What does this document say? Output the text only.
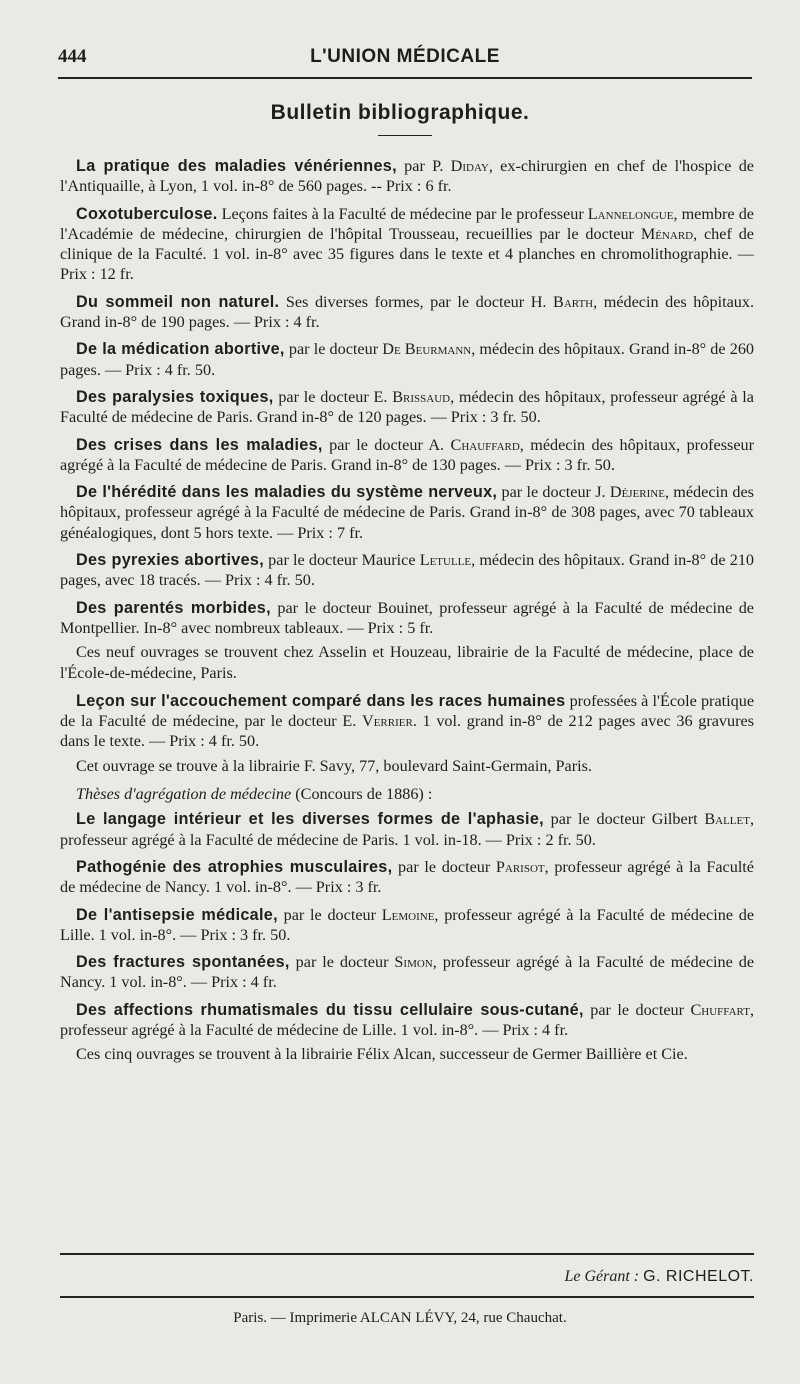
444	L'UNION MÉDICALE
Bulletin bibliographique.
La pratique des maladies vénériennes, par P. Diday, ex-chirurgien en chef de l'hospice de l'Antiquaille, à Lyon, 1 vol. in-8° de 560 pages. -- Prix : 6 fr.
Coxotuberculose. Leçons faites à la Faculté de médecine par le professeur Lannelongue, membre de l'Académie de médecine, chirurgien de l'hôpital Trousseau, recueillies par le docteur Ménard, chef de clinique de la Faculté. 1 vol. in-8° avec 35 figures dans le texte et 4 planches en chromolithographie. — Prix : 12 fr.
Du sommeil non naturel. Ses diverses formes, par le docteur H. Barth, médecin des hôpitaux. Grand in-8° de 190 pages. — Prix : 4 fr.
De la médication abortive, par le docteur De Beurmann, médecin des hôpitaux. Grand in-8° de 260 pages. — Prix : 4 fr. 50.
Des paralysies toxiques, par le docteur E. Brissaud, médecin des hôpitaux, professeur agrégé à la Faculté de médecine de Paris. Grand in-8° de 120 pages. — Prix : 3 fr. 50.
Des crises dans les maladies, par le docteur A. Chauffard, médecin des hôpitaux, professeur agrégé à la Faculté de médecine de Paris. Grand in-8° de 130 pages. — Prix : 3 fr. 50.
De l'hérédité dans les maladies du système nerveux, par le docteur J. Déjerine, médecin des hôpitaux, professeur agrégé à la Faculté de médecine de Paris. Grand in-8° de 308 pages, avec 70 tableaux généalogiques, dont 5 hors texte. — Prix : 7 fr.
Des pyrexies abortives, par le docteur Maurice Letulle, médecin des hôpitaux. Grand in-8° de 210 pages, avec 18 tracés. — Prix : 4 fr. 50.
Des parentés morbides, par le docteur Bouinet, professeur agrégé à la Faculté de médecine de Montpellier. In-8° avec nombreux tableaux. — Prix : 5 fr.
Ces neuf ouvrages se trouvent chez Asselin et Houzeau, librairie de la Faculté de médecine, place de l'École-de-médecine, Paris.
Leçon sur l'accouchement comparé dans les races humaines professées à l'École pratique de la Faculté de médecine, par le docteur E. Verrier. 1 vol. grand in-8° de 212 pages avec 36 gravures dans le texte. — Prix : 4 fr. 50.
Cet ouvrage se trouve à la librairie F. Savy, 77, boulevard Saint-Germain, Paris.
Thèses d'agrégation de médecine (Concours de 1886) :
Le langage intérieur et les diverses formes de l'aphasie, par le docteur Gilbert Ballet, professeur agrégé à la Faculté de médecine de Paris. 1 vol. in-18. — Prix : 2 fr. 50.
Pathogénie des atrophies musculaires, par le docteur Parisot, professeur agrégé à la Faculté de médecine de Nancy. 1 vol. in-8°. — Prix : 3 fr.
De l'antisepsie médicale, par le docteur Lemoine, professeur agrégé à la Faculté de médecine de Lille. 1 vol. in-8°. — Prix : 3 fr. 50.
Des fractures spontanées, par le docteur Simon, professeur agrégé à la Faculté de médecine de Nancy. 1 vol. in-8°. — Prix : 4 fr.
Des affections rhumatismales du tissu cellulaire sous-cutané, par le docteur Chuffart, professeur agrégé à la Faculté de médecine de Lille. 1 vol. in-8°. — Prix : 4 fr.
Ces cinq ouvrages se trouvent à la librairie Félix Alcan, successeur de Germer Baillière et Cie.
Le Gérant : G. RICHELOT.
Paris. — Imprimerie ALCAN LÉVY, 24, rue Chauchat.
